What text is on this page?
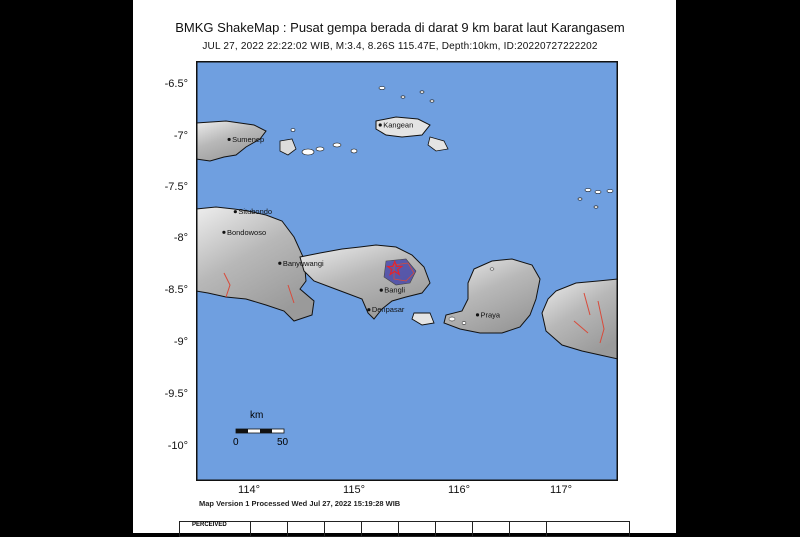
BMKG ShakeMap : Pusat gempa berada di darat 9 km barat laut Karangasem
JUL 27, 2022 22:22:02 WIB, M:3.4, 8.26S 115.47E, Depth:10km, ID:20220727222202
-6.5°
-7°
-7.5°
-8°
-8.5°
-9°
-9.5°
-10°
114°	115°	116°	117°
Sumenep
Kangean
Situbondo
Bondowoso
Banyuwangi
Bangli
Denpasar
Praya
km
0	50
Map Version 1 Processed Wed Jul 27, 2022 15:19:28 WIB
PERCEIVED
